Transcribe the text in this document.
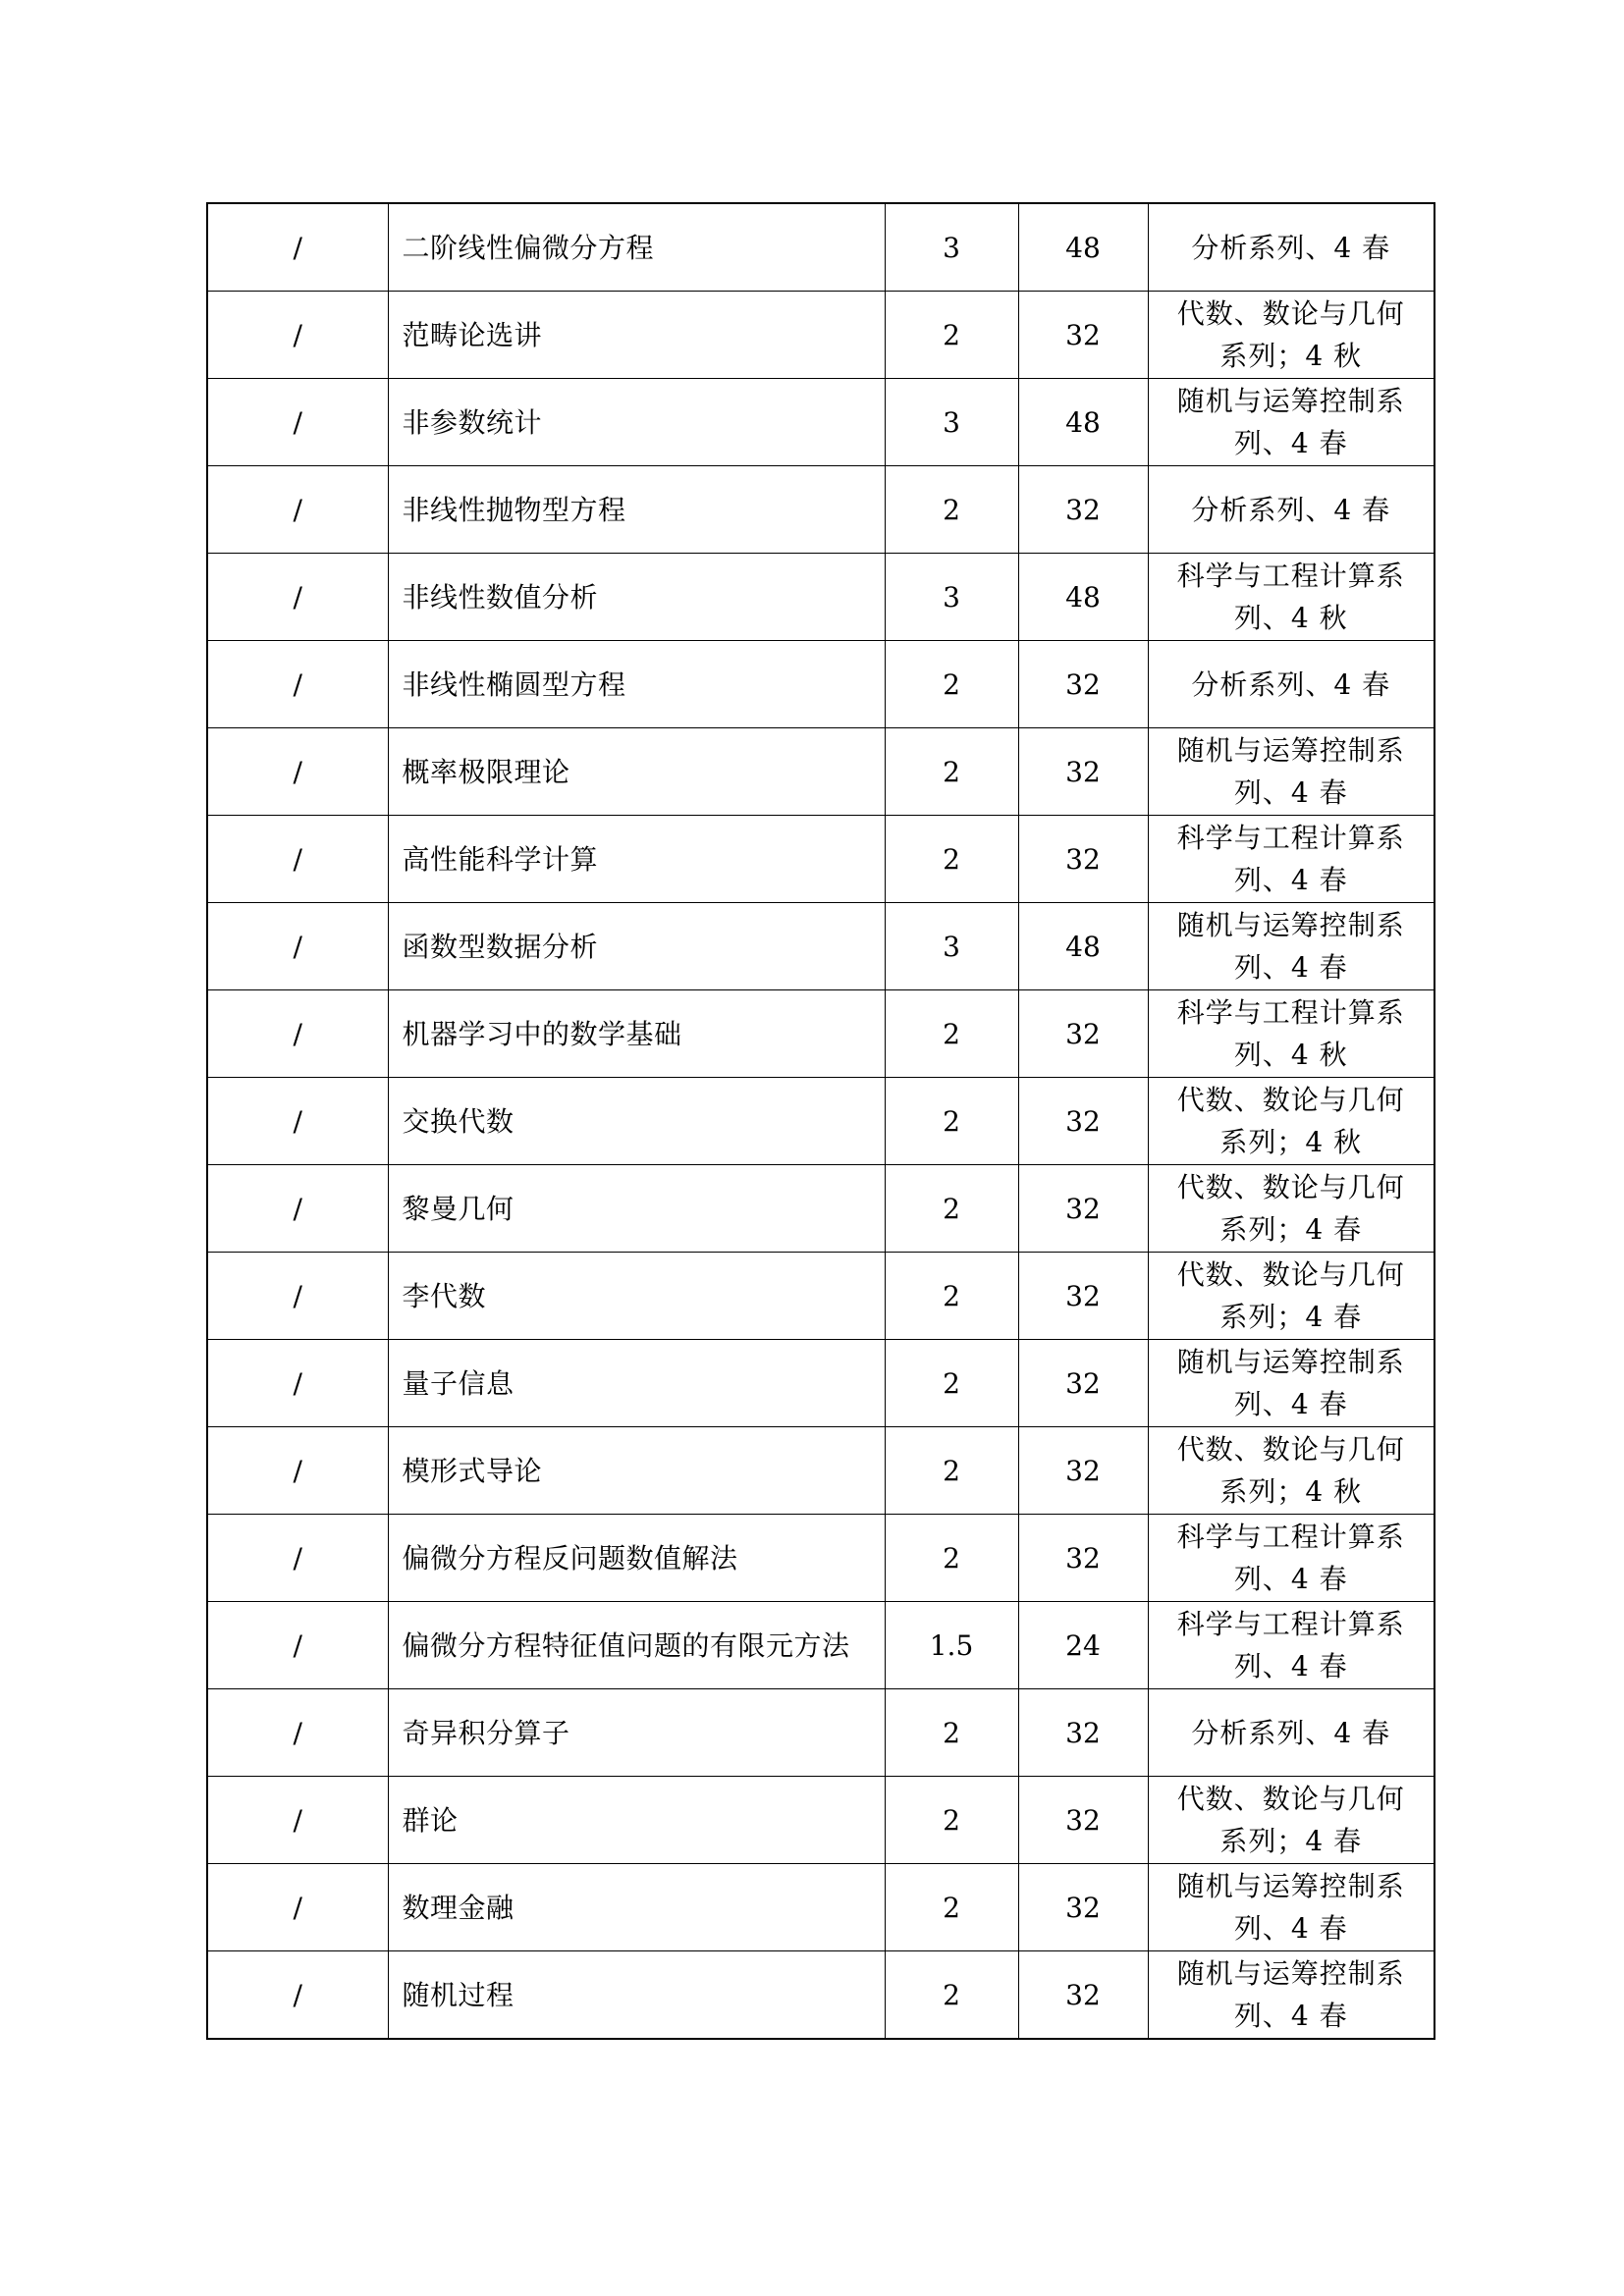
/	二阶线性偏微分方程	3	48	分析系列、4 春
/	范畴论选讲	2	32	代数、数论与几何系列；4 秋
/	非参数统计	3	48	随机与运筹控制系列、4 春
/	非线性抛物型方程	2	32	分析系列、4 春
/	非线性数值分析	3	48	科学与工程计算系列、4 秋
/	非线性椭圆型方程	2	32	分析系列、4 春
/	概率极限理论	2	32	随机与运筹控制系列、4 春
/	高性能科学计算	2	32	科学与工程计算系列、4 春
/	函数型数据分析	3	48	随机与运筹控制系列、4 春
/	机器学习中的数学基础	2	32	科学与工程计算系列、4 秋
/	交换代数	2	32	代数、数论与几何系列；4 秋
/	黎曼几何	2	32	代数、数论与几何系列；4 春
/	李代数	2	32	代数、数论与几何系列；4 春
/	量子信息	2	32	随机与运筹控制系列、4 春
/	模形式导论	2	32	代数、数论与几何系列；4 秋
/	偏微分方程反问题数值解法	2	32	科学与工程计算系列、4 春
/	偏微分方程特征值问题的有限元方法	1.5	24	科学与工程计算系列、4 春
/	奇异积分算子	2	32	分析系列、4 春
/	群论	2	32	代数、数论与几何系列；4 春
/	数理金融	2	32	随机与运筹控制系列、4 春
/	随机过程	2	32	随机与运筹控制系列、4 春
